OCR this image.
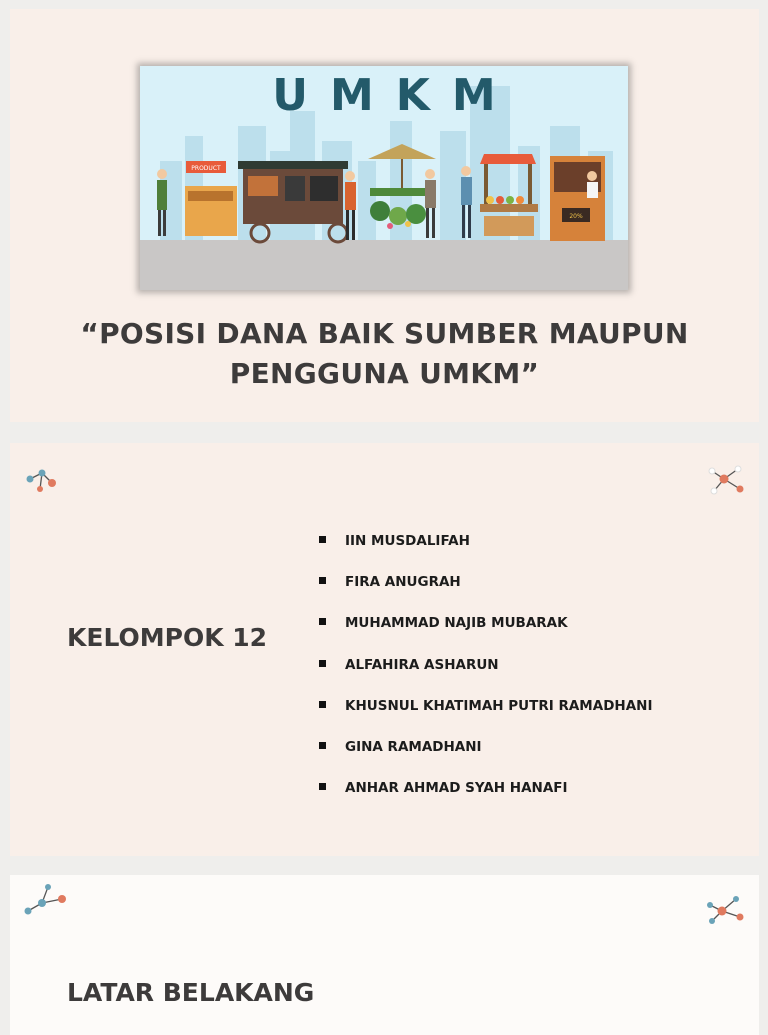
PRODUCT
20%
UMKM
“POSISI DANA BAIK SUMBER MAUPUN
PENGGUNA UMKM”
KELOMPOK 12
IIN MUSDALIFAH
FIRA ANUGRAH
MUHAMMAD NAJIB MUBARAK
ALFAHIRA ASHARUN
KHUSNUL KHATIMAH PUTRI RAMADHANI
GINA RAMADHANI
ANHAR AHMAD SYAH HANAFI
LATAR BELAKANG
